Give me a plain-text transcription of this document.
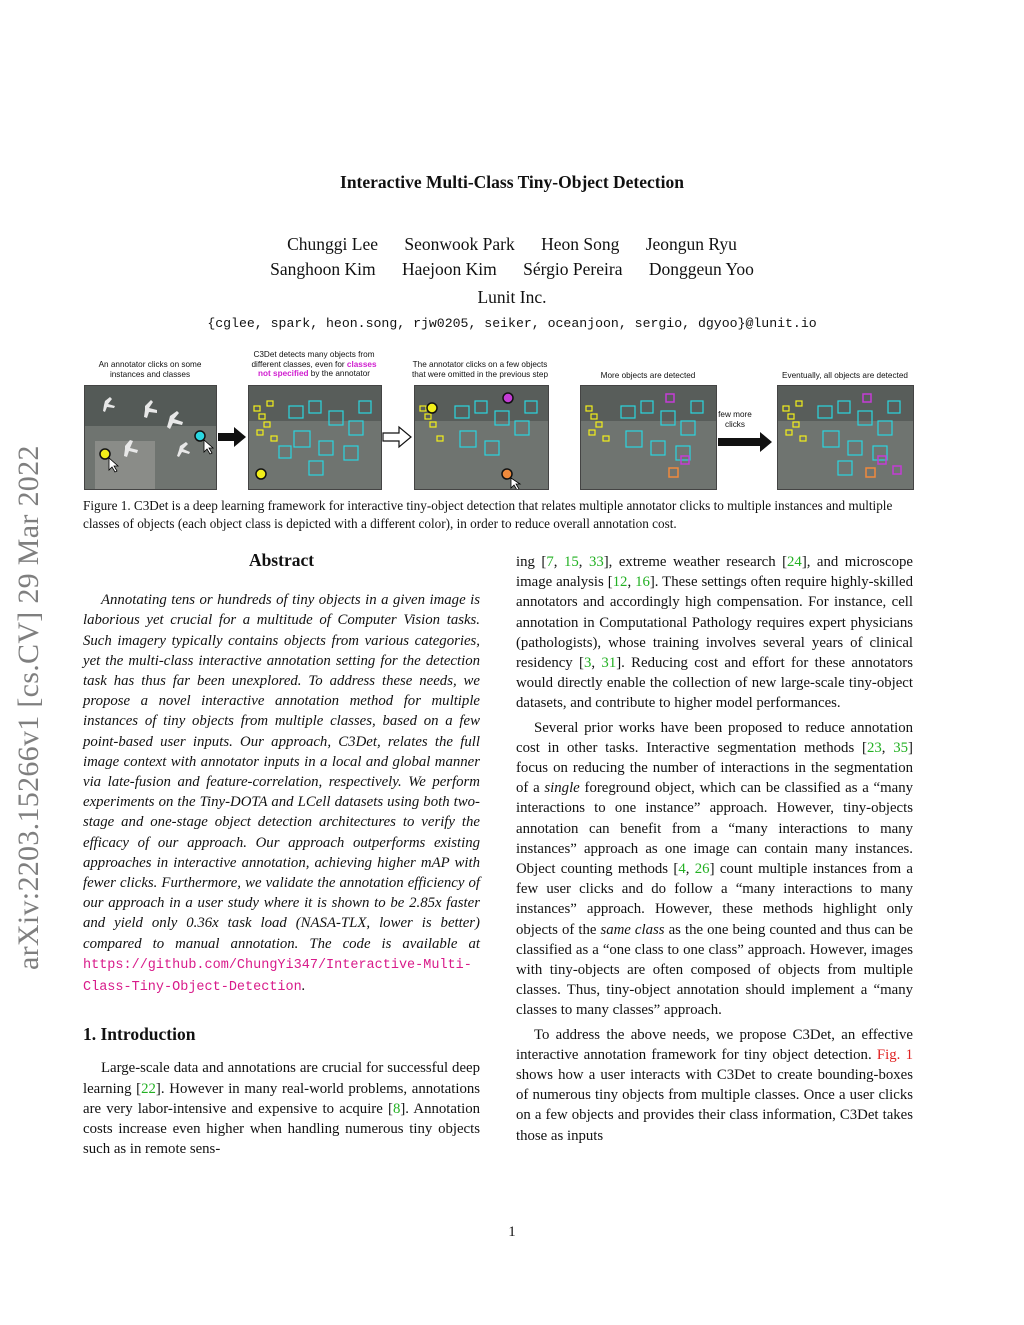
arXiv:2203.15266v1 [cs.CV] 29 Mar 2022
Interactive Multi-Class Tiny-Object Detection
Chunggi Lee Seonwook Park Heon Song Jeongun Ryu
Sanghoon Kim Haejoon Kim Sérgio Pereira Donggeun Yoo
Lunit Inc.
{cglee, spark, heon.song, rjw0205, seiker, oceanjoon, sergio, dgyoo}@lunit.io
An annotator clicks on some
instances and classes
C3Det detects many objects from
different classes, even for classes
not specified by the annotator
The annotator clicks on a few objects
that were omitted in the previous step	More objects are detected	Eventually, all objects are detected
few more
clicks
Figure 1. C3Det is a deep learning framework for interactive tiny-object detection that relates multiple annotator clicks to multiple instances and multiple classes of objects (each object class is depicted with a different color), in order to reduce overall annotation cost.
Abstract

Annotating tens or hundreds of tiny objects in a given image is laborious yet crucial for a multitude of Computer Vision tasks. Such imagery typically contains objects from various categories, yet the multi-class interactive annotation setting for the detection task has thus far been unexplored. To address these needs, we propose a novel interactive annotation method for multiple instances of tiny objects from multiple classes, based on a few point-based user inputs. Our approach, C3Det, relates the full image context with annotator inputs in a local and global manner via late-fusion and feature-correlation, respectively. We perform experiments on the Tiny-DOTA and LCell datasets using both two-stage and one-stage object detection architectures to verify the efficacy of our approach. Our approach outperforms existing approaches in interactive annotation, achieving higher mAP with fewer clicks. Furthermore, we validate the annotation efficiency of our approach in a user study where it is shown to be 2.85x faster and yield only 0.36x task load (NASA-TLX, lower is better) compared to manual annotation. The code is available at https://github.com/ChungYi347/Interactive-Multi-Class-Tiny-Object-Detection.

1. Introduction

Large-scale data and annotations are crucial for successful deep learning [22]. However in many real-world problems, annotations are very labor-intensive and expensive to acquire [8]. Annotation costs increase even higher when handling numerous tiny objects such as in remote sens-

ing [7, 15, 33], extreme weather research [24], and microscope image analysis [12, 16]. These settings often require highly-skilled annotators and accordingly high compensation. For instance, cell annotation in Computational Pathology requires expert physicians (pathologists), whose training involves several years of clinical residency [3, 31]. Reducing cost and effort for these annotators would directly enable the collection of new large-scale tiny-object datasets, and contribute to higher model performances.

Several prior works have been proposed to reduce annotation cost in other tasks. Interactive segmentation methods [23, 35] focus on reducing the number of interactions in the segmentation of a single foreground object, which can be classified as a “many interactions to one instance” approach. However, tiny-objects annotation can benefit from a “many interactions to many instances” approach as one image can contain many instances. Object counting methods [4, 26] count multiple instances from a few user clicks and do follow a “many interactions to many instances” approach. However, these methods highlight only objects of the same class as the one being counted and thus can be classified as a “one class to one class” approach. However, images with tiny-objects are often composed of objects from multiple classes. Thus, tiny-object annotation should implement a “many classes to many classes” approach.

To address the above needs, we propose C3Det, an effective interactive annotation framework for tiny object detection. Fig. 1 shows how a user interacts with C3Det to create bounding-boxes of numerous tiny objects from multiple classes. Once a user clicks on a few objects and provides their class information, C3Det takes those as inputs

1
